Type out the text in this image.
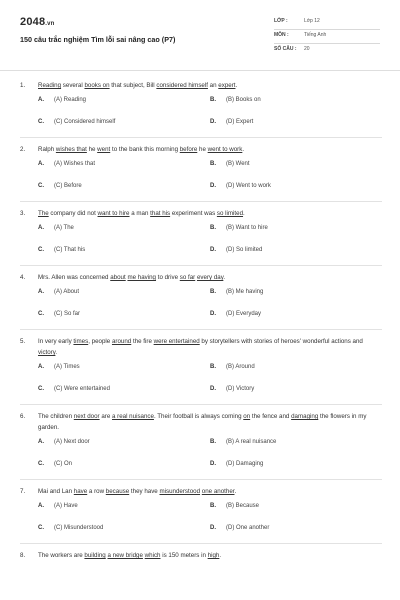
2048.vn
150 câu trắc nghiệm Tìm lỗi sai nâng cao (P7)
LỚP :	Lớp 12
MÔN :	Tiếng Anh
SỐ CÂU : 20
1. Reading several books on that subject, Bill considered himself an expert.
A. (A) Reading	B. (B) Books on
C. (C) Considered himself	D. (D) Expert
2. Ralph wishes that he went to the bank this morning before he went to work.
A. (A) Wishes that	B. (B) Went
C. (C) Before	D. (D) Went to work
3. The company did not want to hire a man that his experiment was so limited.
A. (A) The	B. (B) Want to hire
C. (C) That his	D. (D) So limited
4. Mrs. Allen was concerned about me having to drive so far every day.
A. (A) About	B. (B) Me having
C. (C) So far	D. (D) Everyday
5. In very early times, people around the fire were entertained by storytellers with stories of heroes' wonderful actions and victory.
A. (A) Times	B. (B) Around
C. (C) Were entertained	D. (D) Victory
6. The children next door are a real nuisance. Their football is always coming on the fence and damaging the flowers in my garden.
A. (A) Next door	B. (B) A real nuisance
C. (C) On	D. (D) Damaging
7. Mai and Lan have a row because they have misunderstood one another.
A. (A) Have	B. (B) Because
C. (C) Misunderstood	D. (D) One another
8. The workers are building a new bridge which is 150 meters in high.
